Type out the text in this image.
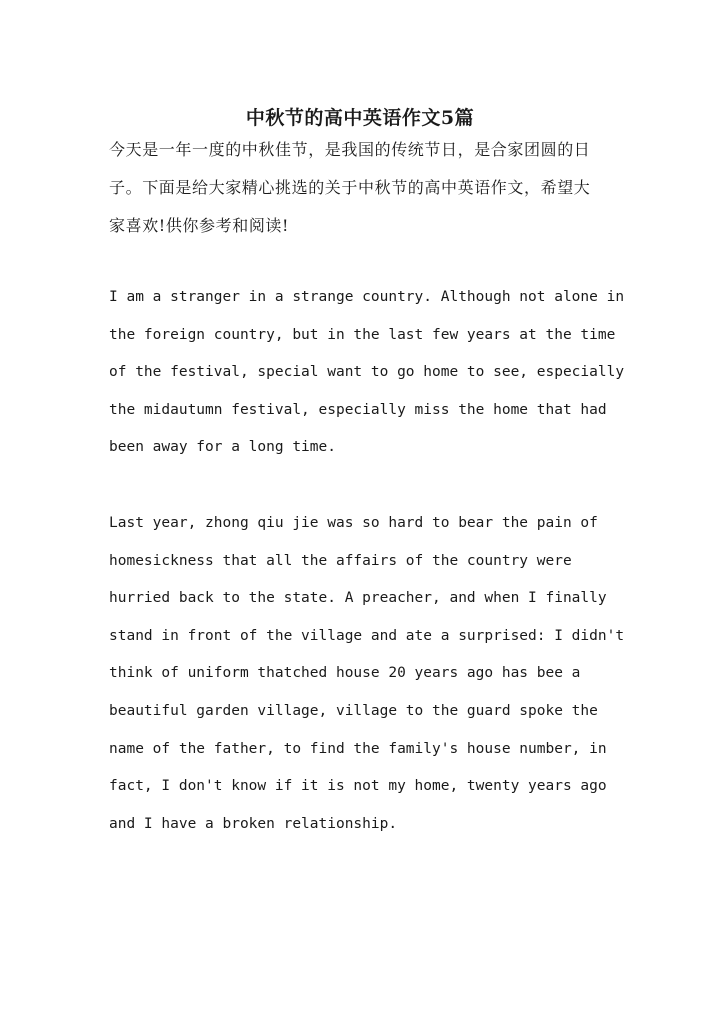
中秋节的高中英语作文5篇

今天是一年一度的中秋佳节，是我国的传统节日，是合家团圆的日
子。下面是给大家精心挑选的关于中秋节的高中英语作文，希望大
家喜欢!供你参考和阅读!

I am a stranger in a strange country. Although not alone in
the foreign country, but in the last few years at the time
of the festival, special want to go home to see, especially
the midautumn festival, especially miss the home that had
been away for a long time.

Last year, zhong qiu jie was so hard to bear the pain of
homesickness that all the affairs of the country were
hurried back to the state. A preacher, and when I finally
stand in front of the village and ate a surprised: I didn't
think of uniform thatched house 20 years ago has bee a
beautiful garden village, village to the guard spoke the
name of the father, to find the family's house number, in
fact, I don't know if it is not my home, twenty years ago
and I have a broken relationship.
